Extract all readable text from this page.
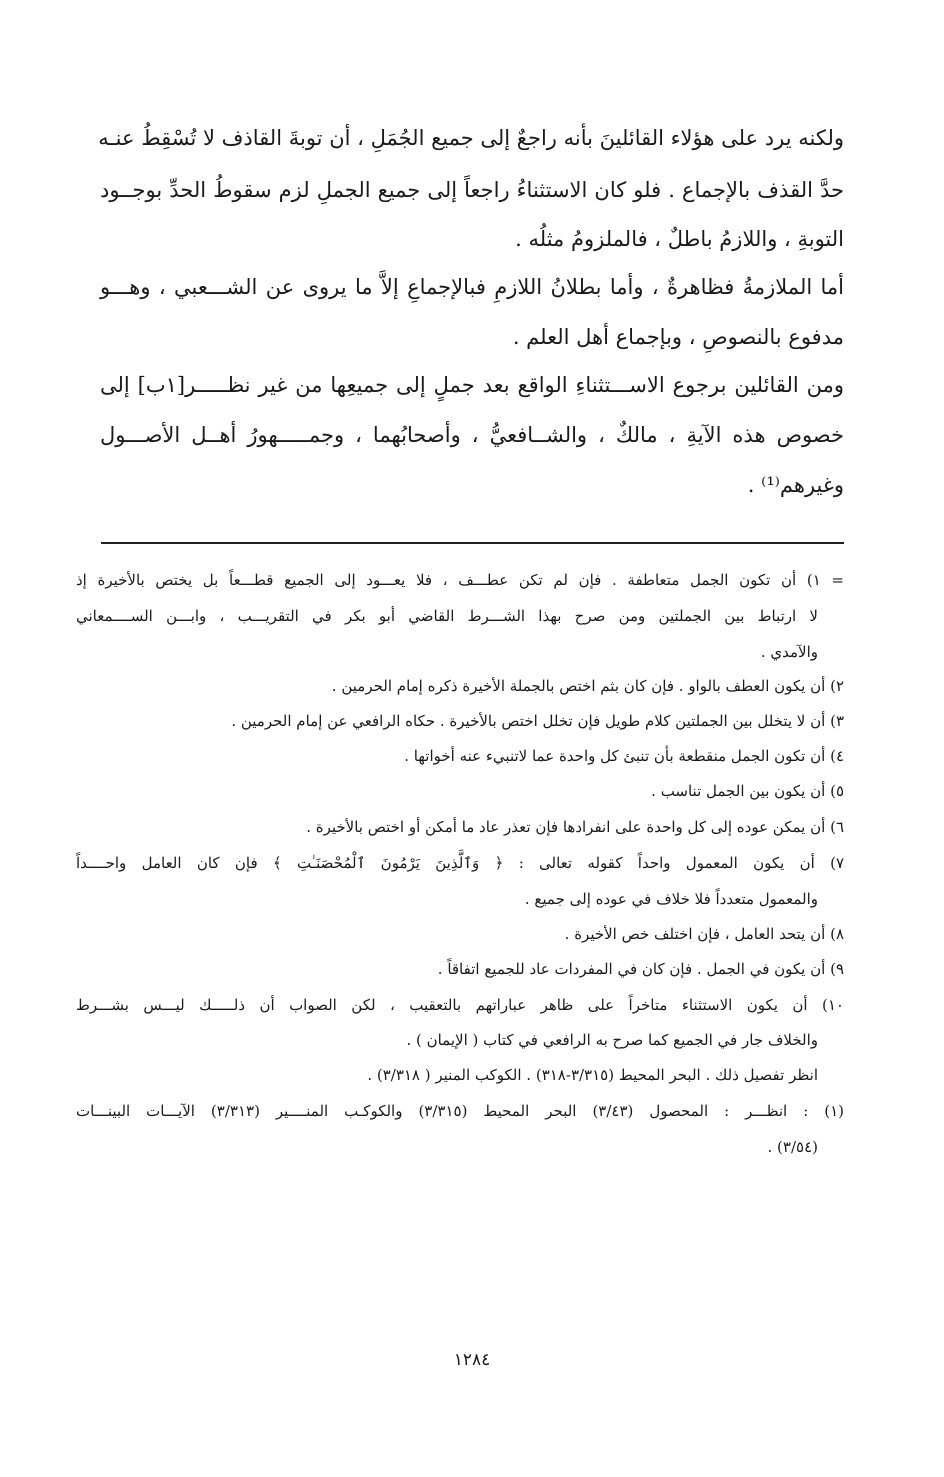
ولكنه يرد على هؤلاء القائلينَ بأنه راجعٌ إلى جميع الجُمَلِ ، أن توبةَ القاذف لا تُسْقِطُ عنـه
حدَّ القذف بالإجماع . فلو كان الاستثناءُ راجعاً إلى جميع الجملِ لزم سقوطُ الحدِّ بوجــود
التوبةِ ، واللازمُ باطلٌ ، فالملزومُ مثلُه .
أما الملازمةُ فظاهرةٌ ، وأما بطلانُ اللازمِ فبالإجماعِ إلاَّ ما يروى عن الشـــعبي ، وهـــو
مدفوع بالنصوصِ ، وبإجماع أهل العلم .
ومن القائلين برجوع الاســـتثناءِ الواقع بعد جملٍ إلى جميعِها من غير نظـــــر[١ب] إلى
خصوص هذه الآيةِ ، مالكٌ ، والشــافعيُّ ، وأصحابُهما ، وجمـــــهورُ أهــل الأصـــول
وغيرهم⁽¹⁾ .
= ١) أن تكون الجمل متعاطفة . فإن لم تكن عطـــف ، فلا يعـــود إلى الجميع قطـــعاً بل يختص بالأخيرة إذ
لا ارتباط بين الجملتين ومن صرح بهذا الشـــرط القاضي أبو بكر في التقريـــب ، وابـــن الســــمعاني
والآمدي .
٢) أن يكون العطف بالواو . فإن كان بثم اختص بالجملة الأخيرة ذكره إمام الحرمين .
٣) أن لا يتخلل بين الجملتين كلام طويل فإن تخلل اختص بالأخيرة . حكاه الرافعي عن إمام الحرمين .
٤) أن تكون الجمل منقطعة بأن تنبئ كل واحدة عما لاتنبيء عنه أخواتها .
٥) أن يكون بين الجمل تناسب .
٦) أن يمكن عوده إلى كل واحدة على انفرادها فإن تعذر عاد ما أمكن أو اختص بالأخيرة .
٧) أن يكون المعمول واحداً كقوله تعالى : ﴿ وَٱلَّذِينَ يَرْمُونَ ٱلْمُحْصَنَـٰتِ ﴾ فإن كان العامل واحــــداً
والمعمول متعدداً فلا خلاف في عوده إلى جميع .
٨) أن يتحد العامل ، فإن اختلف خص الأخيرة .
٩) أن يكون في الجمل . فإن كان في المفردات عاد للجميع اتفاقاً .
١٠) أن يكون الاستثناء متاخراً على ظاهر عباراتهم بالتعقيب ، لكن الصواب أن ذلـــــك ليـــس بشـــرط
والخلاف جار في الجميع كما صرح به الرافعي في كتاب ( الإيمان ) .
انظر تفصيل ذلك . البحر المحيط (٣/٣١٥-٣١٨) . الكوكب المنير ( ٣/٣١٨) .
(١) : انظـــر : المحصول (٣/٤٣) البحر المحيط (٣/٣١٥) والكوكـب المنــــير (٣/٣١٣) الآيـــات البينـــات
(٣/٥٤) .
١٢٨٤
